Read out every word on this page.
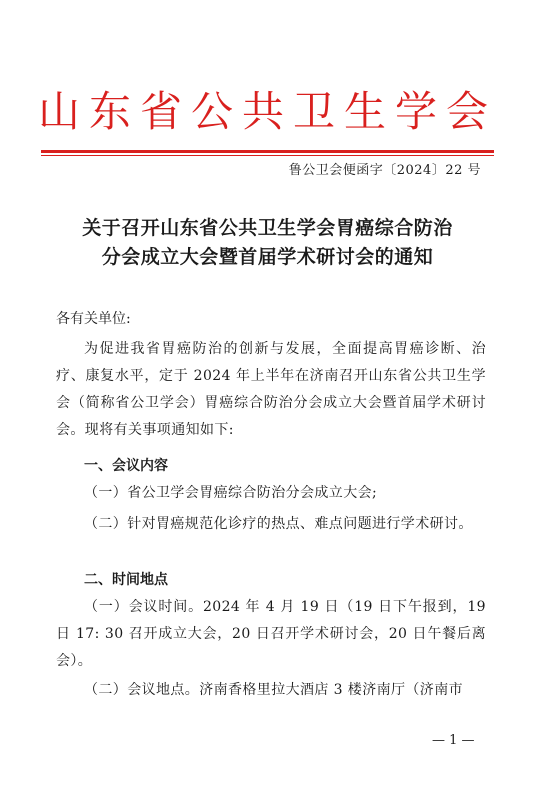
山东省公共卫生学会
鲁公卫会便函字〔2024〕22 号
关于召开山东省公共卫生学会胃癌综合防治
分会成立大会暨首届学术研讨会的通知
各有关单位:
为促进我省胃癌防治的创新与发展，全面提高胃癌诊断、治疗、康复水平，定于 2024 年上半年在济南召开山东省公共卫生学会（简称省公卫学会）胃癌综合防治分会成立大会暨首届学术研讨会。现将有关事项通知如下:
一、会议内容
（一）省公卫学会胃癌综合防治分会成立大会;
（二）针对胃癌规范化诊疗的热点、难点问题进行学术研讨。
二、时间地点
（一）会议时间。2024 年 4 月 19 日（19 日下午报到，19 日 17: 30 召开成立大会，20 日召开学术研讨会，20 日午餐后离会）。
（二）会议地点。济南香格里拉大酒店 3 楼济南厅（济南市
— 1 —
